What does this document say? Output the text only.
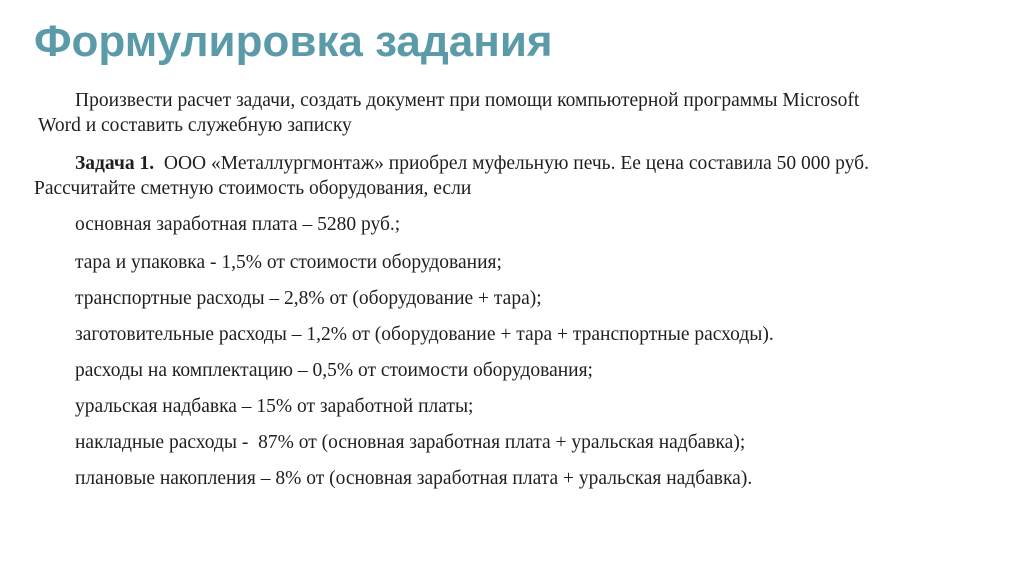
Формулировка задания
Произвести расчет задачи, создать документ при помощи компьютерной программы Microsoft
Word и составить служебную записку
Задача 1.  ООО «Металлургмонтаж» приобрел муфельную печь. Ее цена составила 50 000 руб.
Рассчитайте сметную стоимость оборудования, если
основная заработная плата – 5280 руб.;
тара и упаковка - 1,5% от стоимости оборудования;
транспортные расходы – 2,8% от (оборудование + тара);
заготовительные расходы – 1,2% от (оборудование + тара + транспортные расходы).
расходы на комплектацию – 0,5% от стоимости оборудования;
уральская надбавка – 15% от заработной платы;
накладные расходы -  87% от (основная заработная плата + уральская надбавка);
плановые накопления – 8% от (основная заработная плата + уральская надбавка).
